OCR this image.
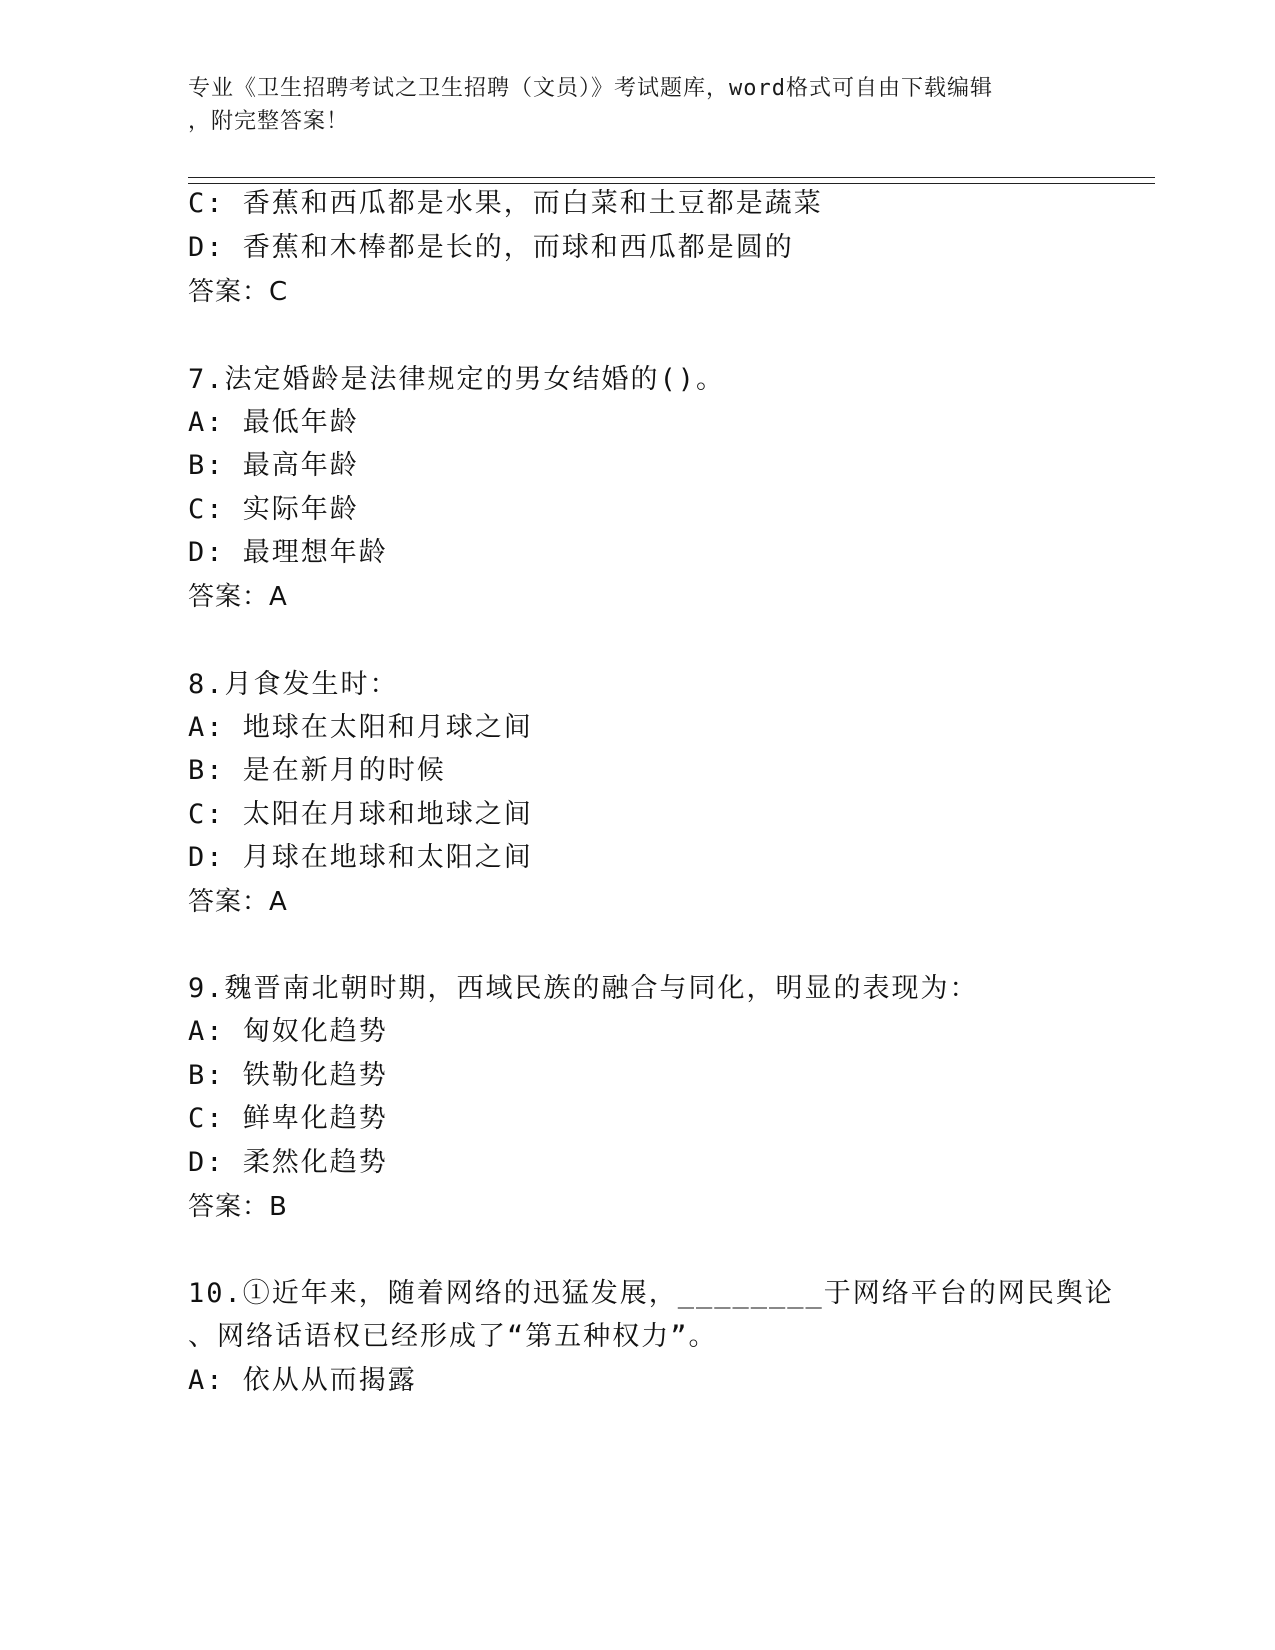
专业《卫生招聘考试之卫生招聘（文员）》考试题库，word格式可自由下载编辑
，附完整答案！
C: 香蕉和西瓜都是水果，而白菜和土豆都是蔬菜
D: 香蕉和木棒都是长的，而球和西瓜都是圆的
答案：C
7.法定婚龄是法律规定的男女结婚的()。
A: 最低年龄
B: 最高年龄
C: 实际年龄
D: 最理想年龄
答案：A
8.月食发生时：
A: 地球在太阳和月球之间
B: 是在新月的时候
C: 太阳在月球和地球之间
D: 月球在地球和太阳之间
答案：A
9.魏晋南北朝时期，西域民族的融合与同化，明显的表现为：
A: 匈奴化趋势
B: 铁勒化趋势
C: 鲜卑化趋势
D: 柔然化趋势
答案：B
10.①近年来，随着网络的迅猛发展，________于网络平台的网民舆论
、网络话语权已经形成了“第五种权力”。
A: 依从从而揭露
